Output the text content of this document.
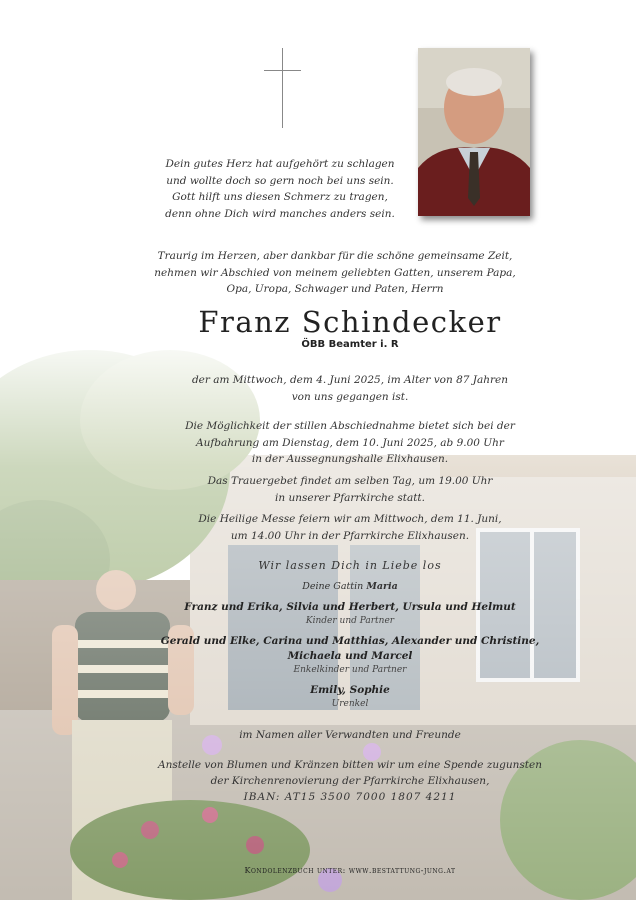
Dein gutes Herz hat aufgehört zu schlagen
und wollte doch so gern noch bei uns sein.
Gott hilft uns diesen Schmerz zu tragen,
denn ohne Dich wird manches anders sein.
Traurig im Herzen, aber dankbar für die schöne gemeinsame Zeit,
nehmen wir Abschied von meinem geliebten Gatten, unserem Papa,
Opa, Uropa, Schwager und Paten, Herrn
Franz Schindecker
ÖBB Beamter i. R
der am Mittwoch, dem 4. Juni 2025, im Alter von 87 Jahren
von uns gegangen ist.
Die Möglichkeit der stillen Abschiednahme bietet sich bei der
Aufbahrung am Dienstag, dem 10. Juni 2025, ab 9.00 Uhr
in der Aussegnungshalle Elixhausen.
Das Trauergebet findet am selben Tag, um 19.00 Uhr
in unserer Pfarrkirche statt.
Die Heilige Messe feiern wir am Mittwoch, dem 11. Juni,
um 14.00 Uhr in der Pfarrkirche Elixhausen.
Wir lassen Dich in Liebe los
Deine Gattin Maria
Franz und Erika, Silvia und Herbert, Ursula und Helmut
Kinder und Partner
Gerald und Elke, Carina und Matthias, Alexander und Christine,
Michaela und Marcel
Enkelkinder und Partner
Emily, Sophie
Urenkel
im Namen aller Verwandten und Freunde
Anstelle von Blumen und Kränzen bitten wir um eine Spende zugunsten
der Kirchenrenovierung der Pfarrkirche Elixhausen,
IBAN: AT15 3500 7000 1807 4211
Kondolenzbuch unter: www.bestattung-jung.at
